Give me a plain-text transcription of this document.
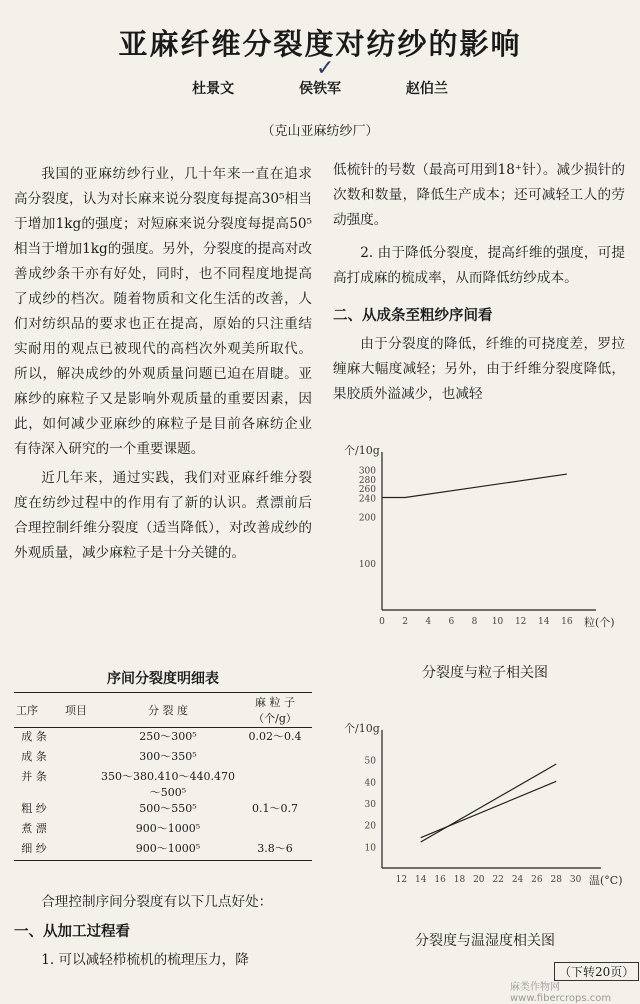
亚麻纤维分裂度对纺纱的影响
✓
杜景文	侯铁军	赵伯兰
（克山亚麻纺纱厂）

我国的亚麻纺纱行业，几十年来一直在追求高分裂度，认为对长麻来说分裂度每提高30⁵相当于增加1kg的强度；对短麻来说分裂度每提高50⁵相当于增加1kg的强度。另外，分裂度的提高对改善成纱条干亦有好处，同时，也不同程度地提高了成纱的档次。随着物质和文化生活的改善，人们对纺织品的要求也正在提高，原始的只注重结实耐用的观点已被现代的高档次外观美所取代。所以，解决成纱的外观质量问题已迫在眉睫。亚麻纱的麻粒子又是影响外观质量的重要因素，因此，如何减少亚麻纱的麻粒子是目前各麻纺企业有待深入研究的一个重要课题。

近几年来，通过实践，我们对亚麻纤维分裂度在纺纱过程中的作用有了新的认识。煮漂前后合理控制纤维分裂度（适当降低），对改善成纱的外观质量，减少麻粒子是十分关键的。

序间分裂度明细表
工序	项目	分 裂 度	麻 粒 子（个/g）
成 条		250～300⁵	0.02～0.4
成 条		300～350⁵	
并 条		350～380.410～440.470～500⁵	
粗 纱		500～550⁵	0.1～0.7
煮 漂		900～1000⁵	
细 纱		900～1000⁵	3.8～6

合理控制序间分裂度有以下几点好处：

一、从加工过程看

1. 可以减轻栉梳机的梳理压力，降

低梳针的号数（最高可用到18⁺针）。减少损针的次数和数量，降低生产成本；还可减轻工人的劳动强度。

2. 由于降低分裂度，提高纤维的强度，可提高打成麻的梳成率，从而降低纺纱成本。

二、从成条至粗纱序间看

由于分裂度的降低，纤维的可挠度差，罗拉缠麻大幅度减轻；另外，由于纤维分裂度降低，果胶质外溢减少，也减轻

个/10g
粒(个)
100
200
240
260
280
300
0 2 4 6 8 10 12 14 16
分裂度与粒子相关图
个/10g
温(°C)
10
20
30
40
50
12 14 16 18 20 22 24 26 28 30
分裂度与温湿度相关图
（下转20页）
麻类作物网 www.fibercrops.com
